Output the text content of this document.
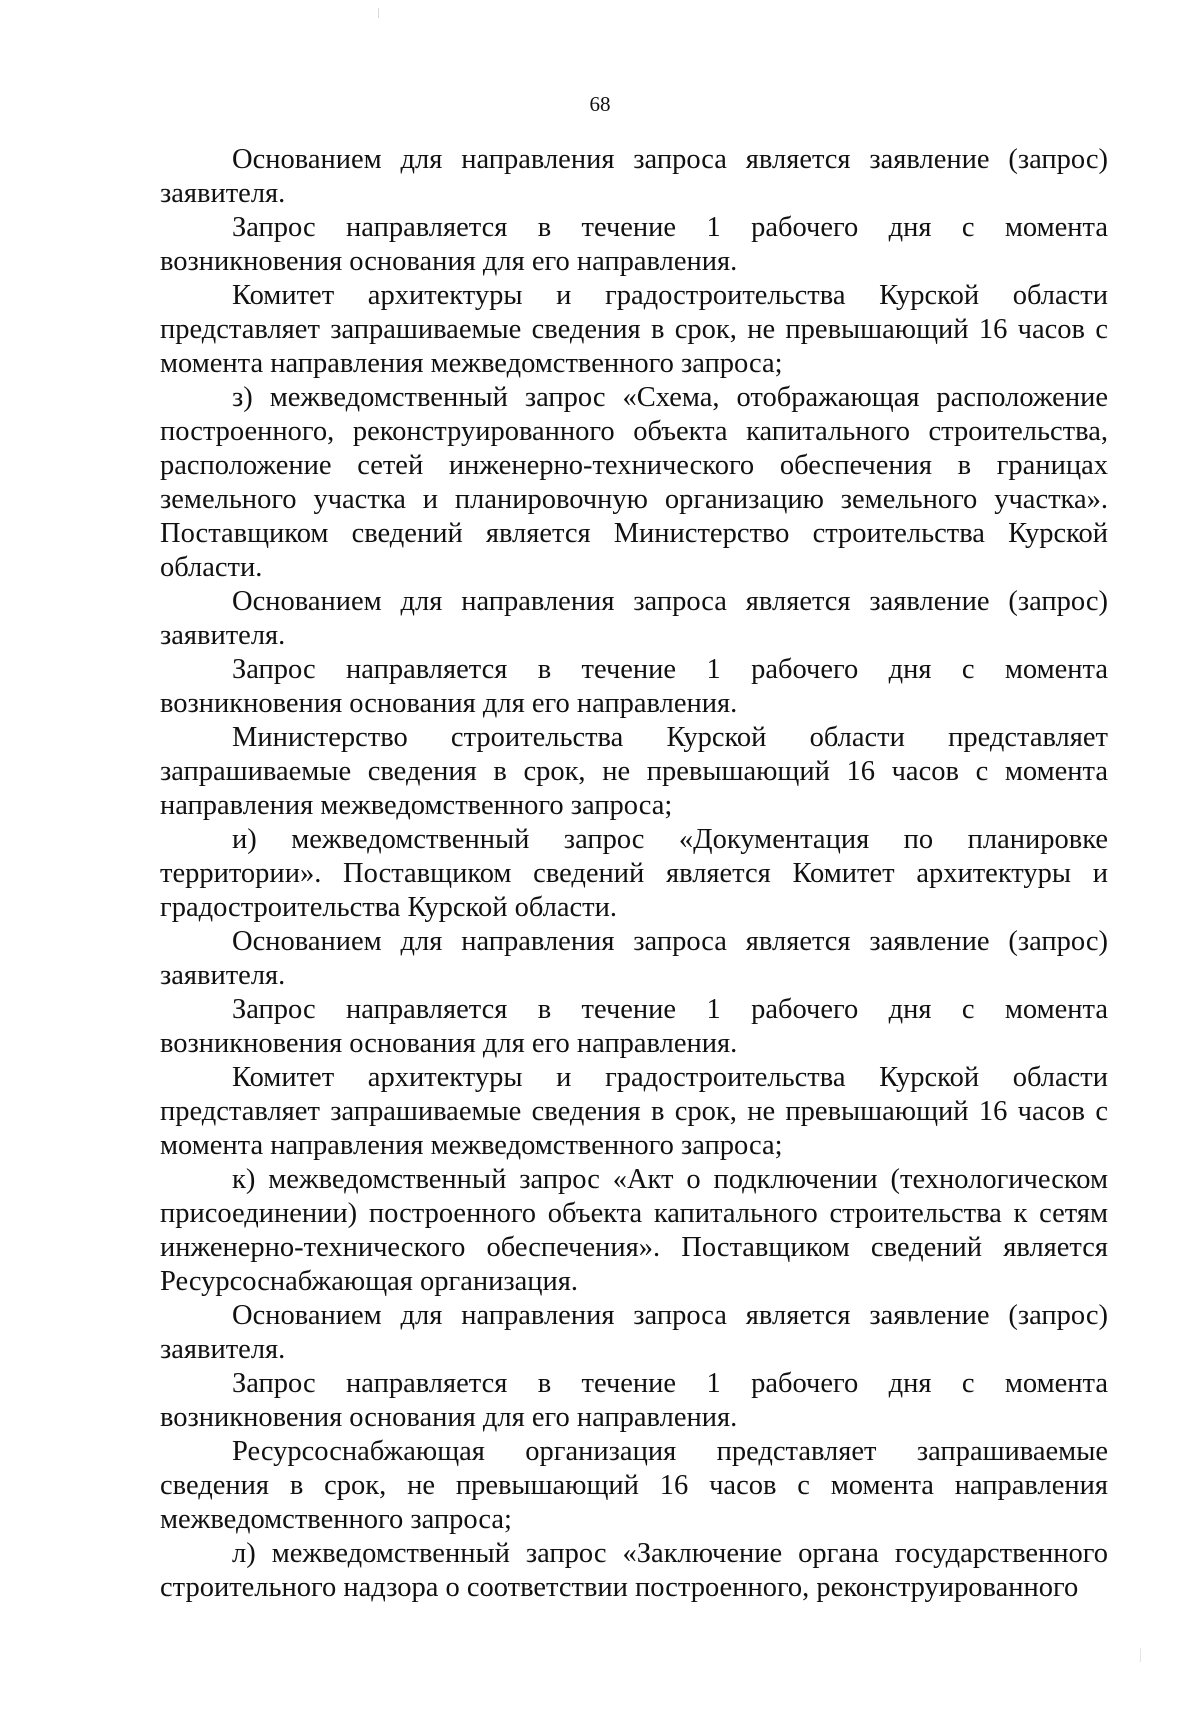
68

Основанием для направления запроса является заявление (запрос) заявителя.

Запрос направляется в течение 1 рабочего дня с момента возникновения основания для его направления.

Комитет архитектуры и градостроительства Курской области представляет запрашиваемые сведения в срок, не превышающий 16 часов с момента направления межведомственного запроса;

з) межведомственный запрос «Схема, отображающая расположение построенного, реконструированного объекта капитального строительства, расположение сетей инженерно-технического обеспечения в границах земельного участка и планировочную организацию земельного участка». Поставщиком сведений является Министерство строительства Курской области.

Основанием для направления запроса является заявление (запрос) заявителя.

Запрос направляется в течение 1 рабочего дня с момента возникновения основания для его направления.

Министерство строительства Курской области представляет запрашиваемые сведения в срок, не превышающий 16 часов с момента направления межведомственного запроса;

и) межведомственный запрос «Документация по планировке территории». Поставщиком сведений является Комитет архитектуры и градостроительства Курской области.

Основанием для направления запроса является заявление (запрос) заявителя.

Запрос направляется в течение 1 рабочего дня с момента возникновения основания для его направления.

Комитет архитектуры и градостроительства Курской области представляет запрашиваемые сведения в срок, не превышающий 16 часов с момента направления межведомственного запроса;

к) межведомственный запрос «Акт о подключении (технологическом присоединении) построенного объекта капитального строительства к сетям инженерно-технического обеспечения». Поставщиком сведений является Ресурсоснабжающая организация.

Основанием для направления запроса является заявление (запрос) заявителя.

Запрос направляется в течение 1 рабочего дня с момента возникновения основания для его направления.

Ресурсоснабжающая организация представляет запрашиваемые сведения в срок, не превышающий 16 часов с момента направления межведомственного запроса;

л) межведомственный запрос «Заключение органа государственного строительного надзора о соответствии построенного, реконструированного
